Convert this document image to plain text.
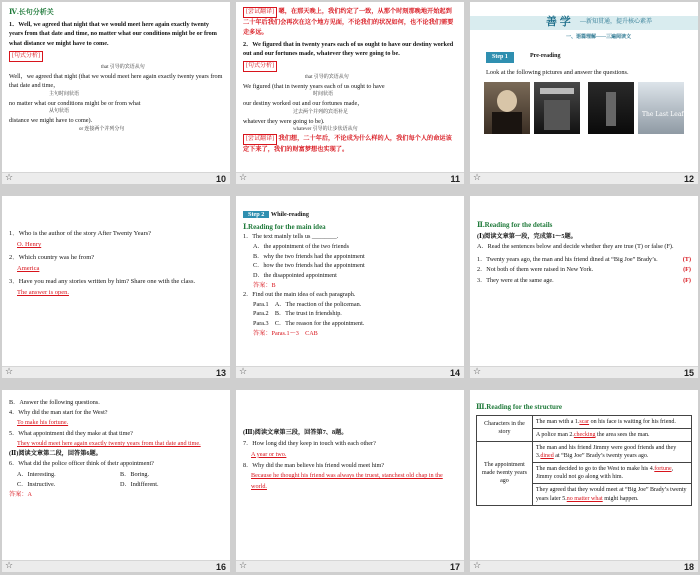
Ⅳ.长句分析关
1．Well, we agreed that night that we would meet here again exactly twenty years from that date and time, no matter what our conditions might be or from what distance we might have to come.
[句式分析]
that 引导的宾语从句
Well，we agreed that night (that we would meet here again exactly twenty years from that date and time，
主句时间状语
no matter what our conditions might be or from what
从句状语
distance we might have to come).
or 连接两个并列分句
☆	10
[尝试翻译] 嗯，在那天晚上，我们约定了一致，从那个时刻那晚地开始起到二十年后我们会再次在这个地方见面，不论我们的状况如何，也不论我们需要走多远。
2．We figured that in twenty years each of us ought to have our destiny worked out and our fortunes made, whatever they were going to be.
[句式分析]
that 引导的宾语从句
We figured (that in twenty years each of us ought to have
时间状语
our destiny worked out and our fortunes made，
过去两个并列的宾语补足
whatever they were going to be).
whatever 引导的让步状语从句
[尝试翻译] 我们想，二十年后，不论成为什么样的人，我们每个人的命运该定下来了，我们的财富梦想也实现了。
☆	11
善 学 —新知贯通，提升核心素养
一、语篇理解——三遍阅读文
Step 1	Pre-reading
Look at the following pictures and answer the questions.
The Last Leaf
☆	12
1．Who is the author of the story After Twenty Years?
O. Henry
2．Which country was he from?
America
3．Have you read any stories written by him? Share one with the class.
The answer is open.
☆	13
Step 2 While-reading
Ⅰ.Reading for the main idea
1．The text mainly tells us ________.
A．the appointment of the two friends
B．why the two friends had the appointment
C．how the two friends had the appointment
D．the disappointed appointment
答案：B
2．Find out the main idea of each paragraph.
Para.1　A．The reaction of the policeman.
Para.2　B．The trust in friendship.
Para.3　C．The reason for the appointment.
答案：Paras.1～3　CAB
☆	14
Ⅱ.Reading for the details
(Ⅰ)阅读文章第一段，完成第1～5题。
A．Read the sentences below and decide whether they are true (T) or false (F).
1．Twenty years ago, the man and his friend dined at “Big Joe” Brady’s.	(T)
2．Not both of them were raised in New York.	(F)
3．They were at the same age.	(F)
☆	15
B．Answer the following questions.
4．Why did the man start for the West?
To make his fortune.
5．What appointment did they make at that time?
They would meet here again exactly twenty years from that date and time.
(Ⅱ)阅读文章第二段，回答第6题。
6．What did the police officer think of their appointment?
A．Interesting.	B．Boring.
C．Instructive.	D．Indifferent.
答案：A
☆	16
(Ⅲ)阅读文章第三段，回答第7、8题。
7．How long did they keep in touch with each other?
A year or two.
8．Why did the man believe his friend would meet him?
Because he thought his friend was always the truest, stanchest old chap in the world.
☆	17
Ⅲ.Reading for the structure
Characters in the story	The man with a 1.scar on his face is waiting for his friend.
	A police man 2.checking the area sees the man.
The appointment made twenty years ago	The man and his friend Jimmy were good friends and they 3.dined at “Big Joe” Brady’s twenty years ago.
	The man decided to go to the West to make his 4.fortune, Jimmy could not go along with him.
	They agreed that they would meet at “Big Joe” Brady’s twenty years later 5.no matter what might happen.
☆	18
